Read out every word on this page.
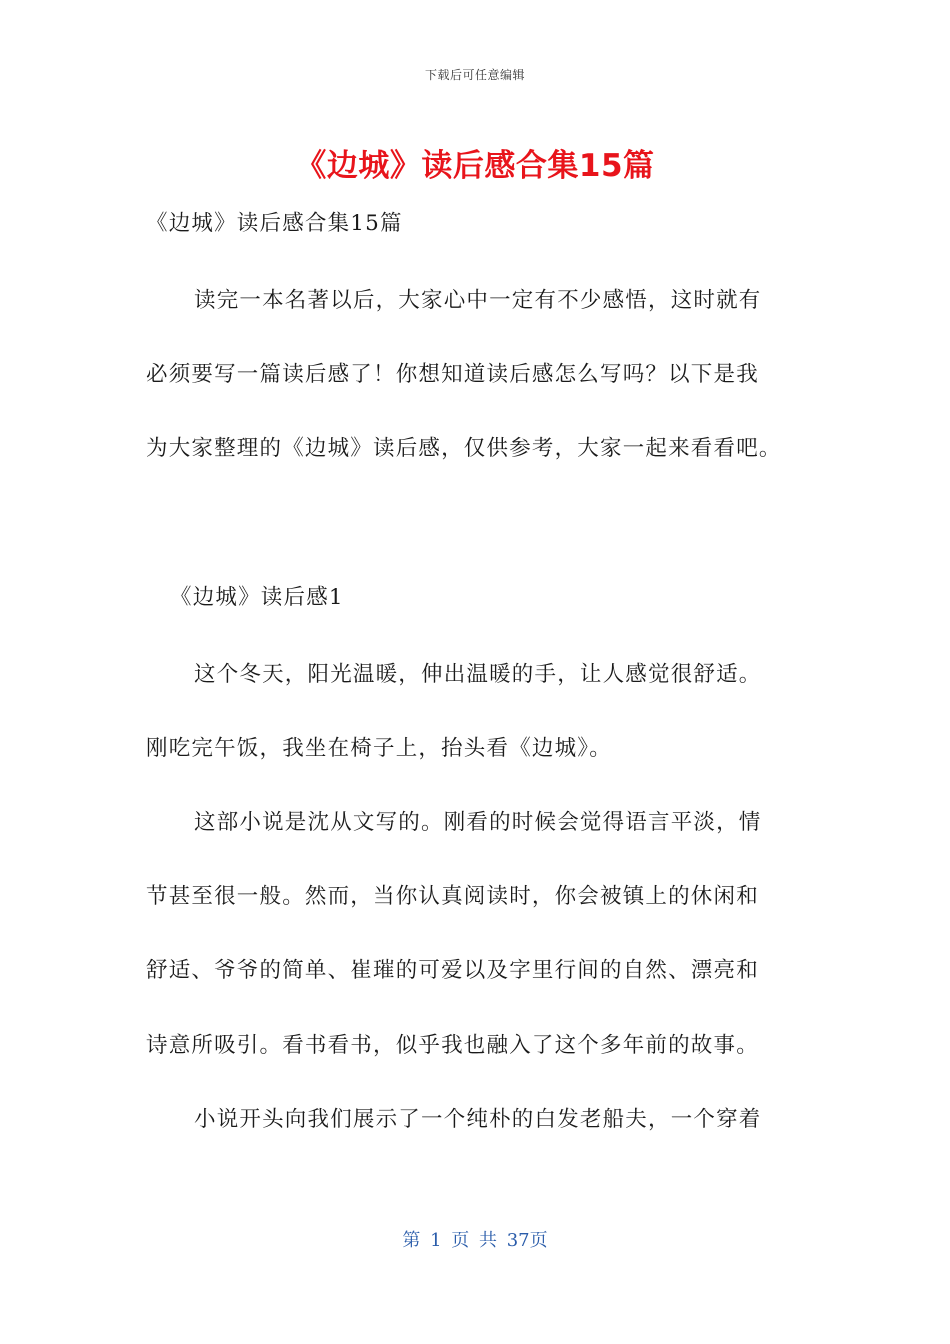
下载后可任意编辑
《边城》读后感合集15篇
《边城》读后感合集15篇
读完一本名著以后，大家心中一定有不少感悟，这时就有
必须要写一篇读后感了！你想知道读后感怎么写吗？以下是我
为大家整理的《边城》读后感，仅供参考，大家一起来看看吧。
《边城》读后感1
这个冬天，阳光温暖，伸出温暖的手，让人感觉很舒适。
刚吃完午饭，我坐在椅子上，抬头看《边城》。
这部小说是沈从文写的。刚看的时候会觉得语言平淡，情
节甚至很一般。然而，当你认真阅读时，你会被镇上的休闲和
舒适、爷爷的简单、崔璀的可爱以及字里行间的自然、漂亮和
诗意所吸引。看书看书，似乎我也融入了这个多年前的故事。
小说开头向我们展示了一个纯朴的白发老船夫，一个穿着
第 1 页 共 37页
